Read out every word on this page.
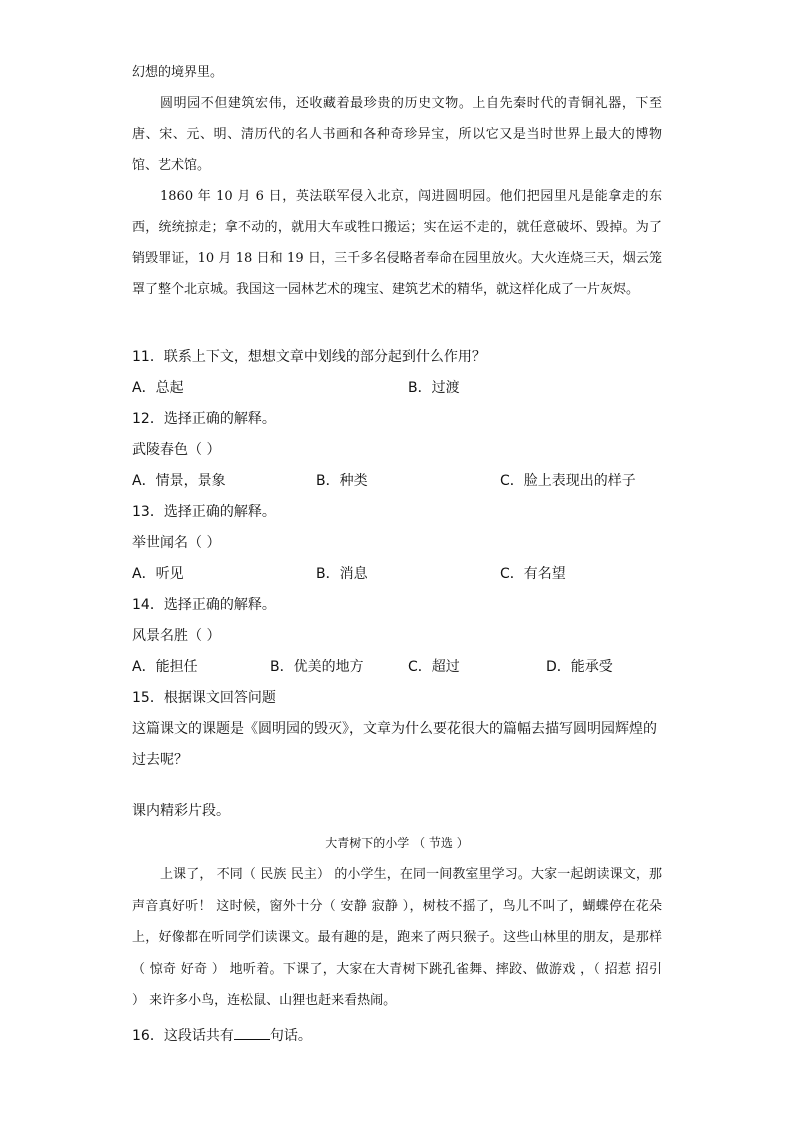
幻想的境界里。

圆明园不但建筑宏伟，还收藏着最珍贵的历史文物。上自先秦时代的青铜礼器，下至唐、宋、元、明、清历代的名人书画和各种奇珍异宝，所以它又是当时世界上最大的博物馆、艺术馆。

1860 年 10 月 6 日，英法联军侵入北京，闯进圆明园。他们把园里凡是能拿走的东西，统统掠走；拿不动的，就用大车或牲口搬运；实在运不走的，就任意破坏、毁掉。为了销毁罪证，10 月 18 日和 19 日，三千多名侵略者奉命在园里放火。大火连烧三天，烟云笼罩了整个北京城。我国这一园林艺术的瑰宝、建筑艺术的精华，就这样化成了一片灰烬。

11．联系上下文，想想文章中划线的部分起到什么作用？
A．总起	B．过渡
12．选择正确的解释。
武陵春色（ ）
A．情景，景象	B．种类	C．脸上表现出的样子
13．选择正确的解释。
举世闻名（ ）
A．听见	B．消息	C．有名望
14．选择正确的解释。
风景名胜（ ）
A．能担任	B．优美的地方	C．超过	D．能承受
15．根据课文回答问题
这篇课文的课题是《圆明园的毁灭》，文章为什么要花很大的篇幅去描写圆明园辉煌的
过去呢？
课内精彩片段。
大青树下的小学 （ 节选 ）

上课了， 不同（ 民族 民主） 的小学生，在同一间教室里学习。大家一起朗读课文，那声音真好听！ 这时候，窗外十分（ 安静 寂静 ），树枝不摇了，鸟儿不叫了，蝴蝶停在花朵上，好像都在听同学们读课文。最有趣的是，跑来了两只猴子。这些山林里的朋友，是那样 （ 惊奇 好奇 ） 地听着。下课了，大家在大青树下跳孔雀舞、摔跤、做游戏 ，（ 招惹 招引 ） 来许多小鸟，连松鼠、山狸也赶来看热闹。

16．这段话共有	句话。
